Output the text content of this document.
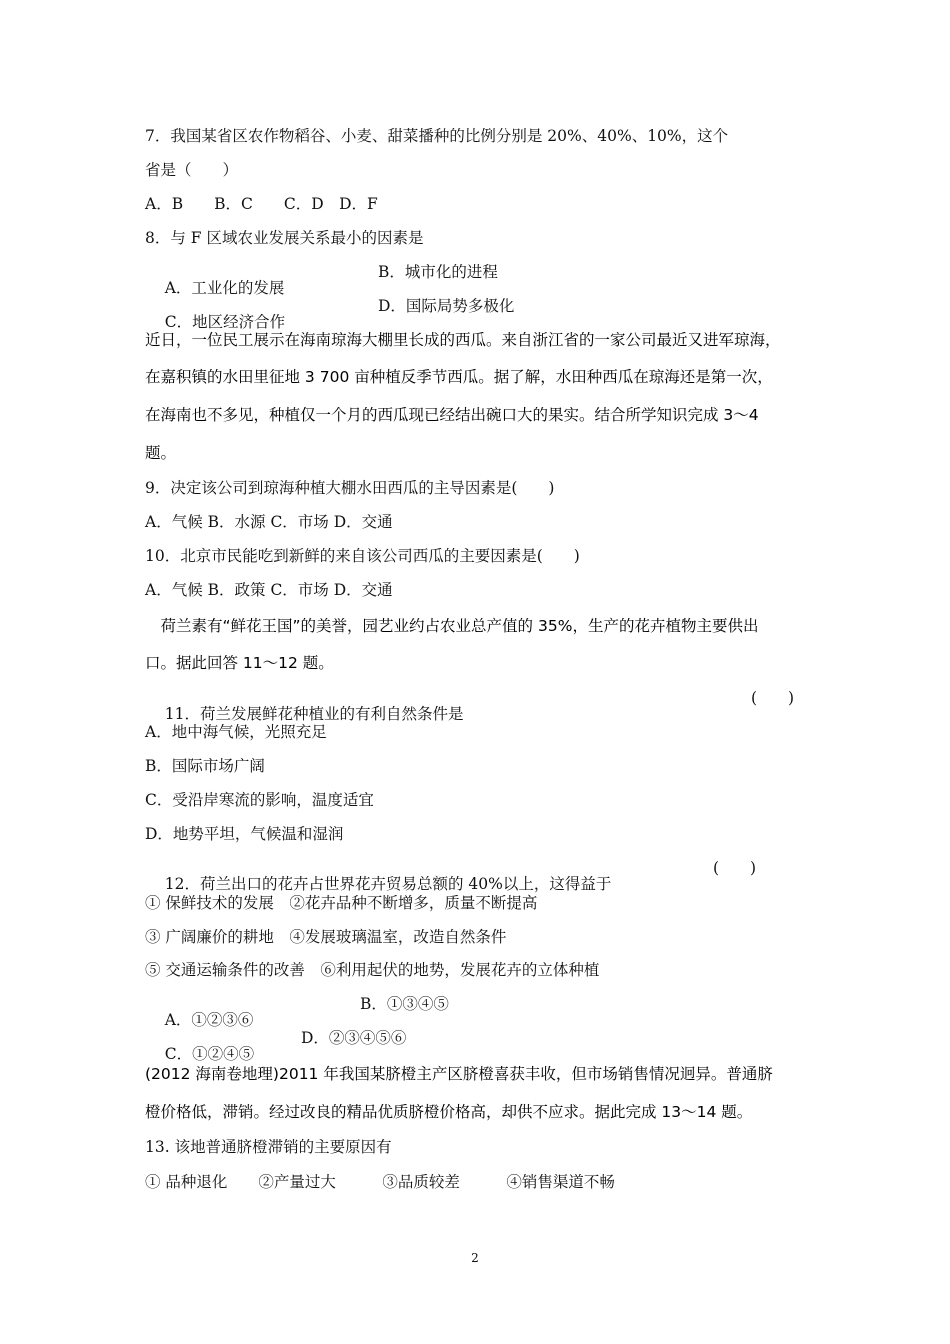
7．我国某省区农作物稻谷、小麦、甜菜播种的比例分别是 20%、40%、10%，这个
省是（　　）
A．B　　B．C　　C．D　D．F
8．与 F 区域农业发展关系最小的因素是

A．工业化的发展

B．城市化的进程

C．地区经济合作

D．国际局势多极化

近日，一位民工展示在海南琼海大棚里长成的西瓜。来自浙江省的一家公司最近又进军琼海，
在嘉积镇的水田里征地 3 700 亩种植反季节西瓜。据了解，水田种西瓜在琼海还是第一次，
在海南也不多见，种植仅一个月的西瓜现已经结出碗口大的果实。结合所学知识完成 3～4
题。
9．决定该公司到琼海种植大棚水田西瓜的主导因素是(　　)
A．气候 B．水源 C．市场 D．交通
10．北京市民能吃到新鲜的来自该公司西瓜的主要因素是(　　)
A．气候 B．政策 C．市场 D．交通
　荷兰素有“鲜花王国”的美誉，园艺业约占农业总产值的 35%，生产的花卉植物主要供出
口。据此回答 11～12 题。

11．荷兰发展鲜花种植业的有利自然条件是

(　　)

A．地中海气候，光照充足
B．国际市场广阔
C．受沿岸寒流的影响，温度适宜
D．地势平坦，气候温和湿润

12．荷兰出口的花卉占世界花卉贸易总额的 40%以上，这得益于

(　　)

① 保鲜技术的发展　②花卉品种不断增多，质量不断提高
③ 广阔廉价的耕地　④发展玻璃温室，改造自然条件
⑤ 交通运输条件的改善　⑥利用起伏的地势，发展花卉的立体种植

A．①②③⑥

B．①③④⑤

C．①②④⑤

D．②③④⑤⑥

(2012 海南卷地理)2011 年我国某脐橙主产区脐橙喜获丰收，但市场销售情况迥异。普通脐
橙价格低，滞销。经过改良的精品优质脐橙价格高，却供不应求。据此完成 13～14 题。
13. 该地普通脐橙滞销的主要原因有
① 品种退化　　②产量过大　　　③品质较差　　　④销售渠道不畅
2
